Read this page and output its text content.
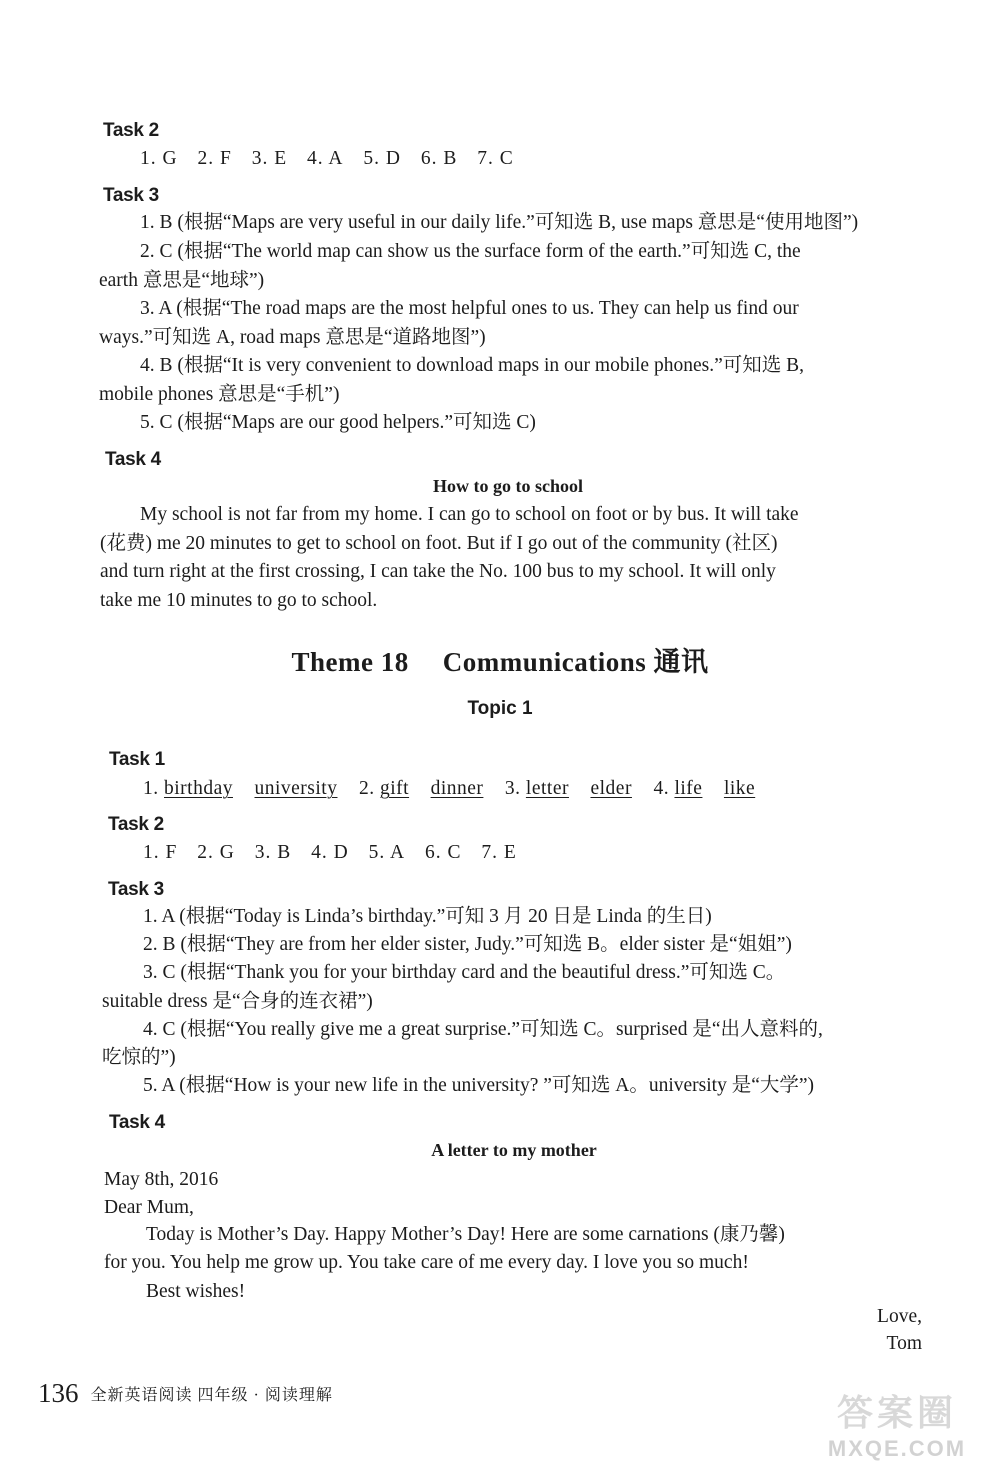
Task 2
1. G 2. F 3. E 4. A 5. D 6. B 7. C
Task 3
1. B (根据“Maps are very useful in our daily life.”可知选 B, use maps 意思是“使用地图”)
2. C (根据“The world map can show us the surface form of the earth.”可知选 C, the
earth 意思是“地球”)
3. A (根据“The road maps are the most helpful ones to us. They can help us find our
ways.”可知选 A, road maps 意思是“道路地图”)
4. B (根据“It is very convenient to download maps in our mobile phones.”可知选 B,
mobile phones 意思是“手机”)
5. C (根据“Maps are our good helpers.”可知选 C)
Task 4
How to go to school
My school is not far from my home. I can go to school on foot or by bus. It will take
(花费) me 20 minutes to get to school on foot. But if I go out of the community (社区)
and turn right at the first crossing, I can take the No. 100 bus to my school. It will only
take me 10 minutes to go to school.
Theme 18 Communications 通讯
Topic 1
Task 1
1. birthday university 2. gift dinner 3. letter elder 4. life like
Task 2
1. F 2. G 3. B 4. D 5. A 6. C 7. E
Task 3
1. A (根据“Today is Linda’s birthday.”可知 3 月 20 日是 Linda 的生日)
2. B (根据“They are from her elder sister, Judy.”可知选 B。elder sister 是“姐姐”)
3. C (根据“Thank you for your birthday card and the beautiful dress.”可知选 C。
suitable dress 是“合身的连衣裙”)
4. C (根据“You really give me a great surprise.”可知选 C。surprised 是“出人意料的,
吃惊的”)
5. A (根据“How is your new life in the university? ”可知选 A。university 是“大学”)
Task 4
A letter to my mother
May 8th, 2016
Dear Mum,
Today is Mother’s Day. Happy Mother’s Day! Here are some carnations (康乃馨)
for you. You help me grow up. You take care of me every day. I love you so much!
Best wishes!
Love,
Tom
136 全新英语阅读 四年级 · 阅读理解	答案圈
MXQE.COM
